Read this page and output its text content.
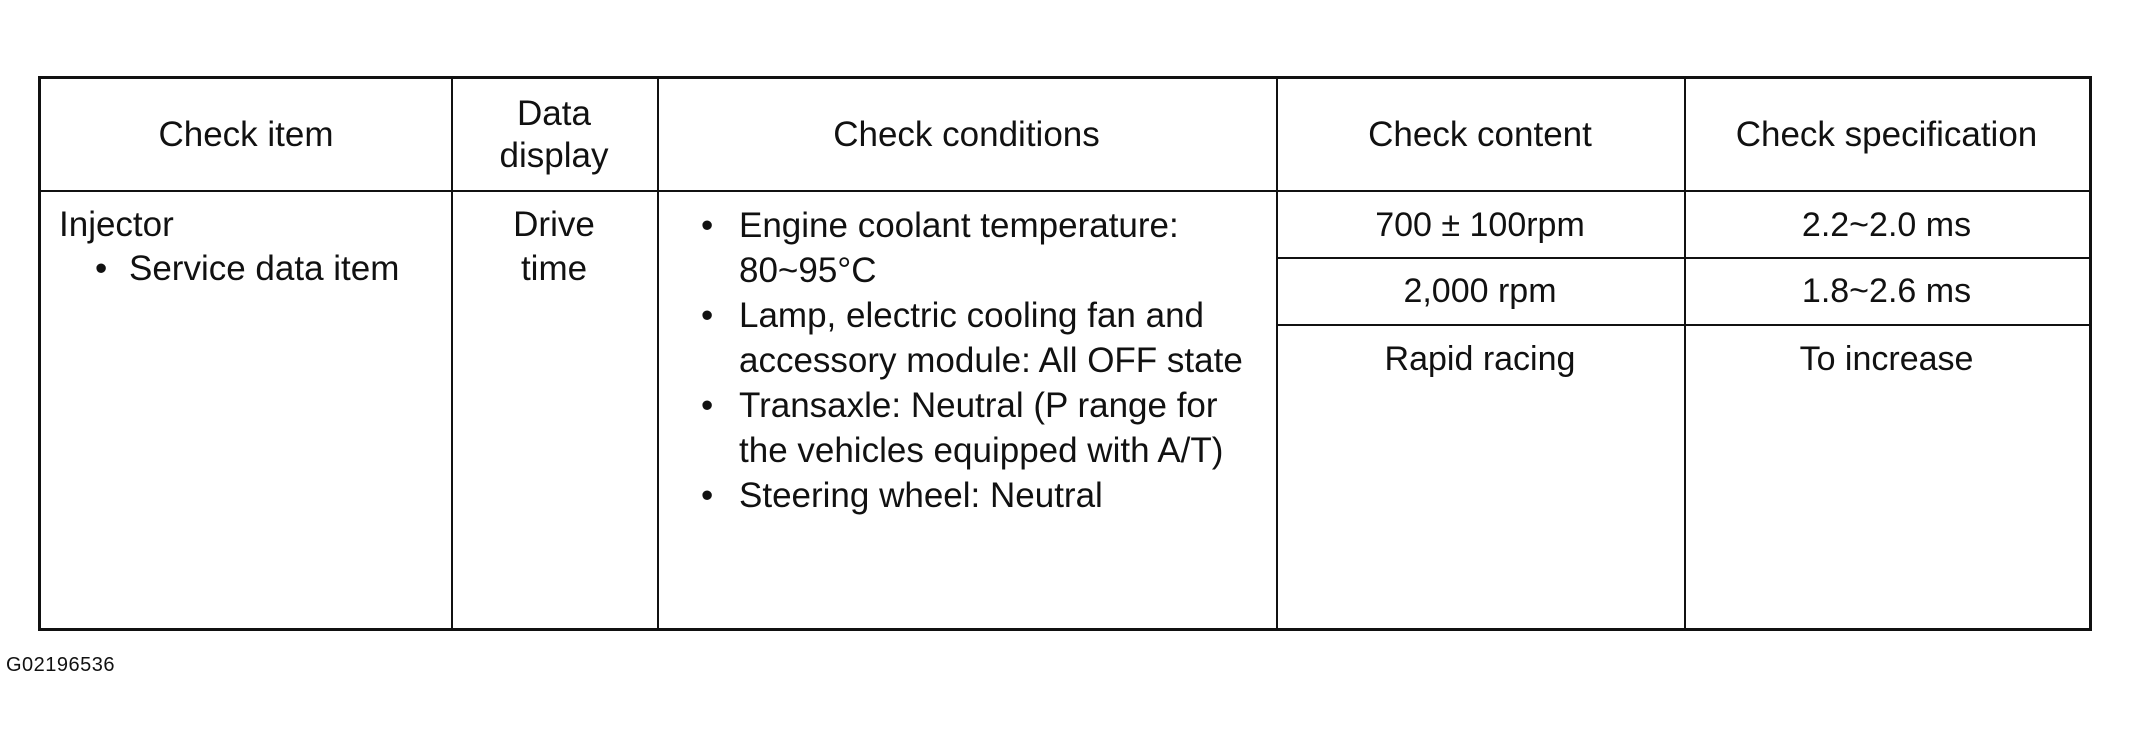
Check item
Data
display
Check conditions	Check content	Check specification
Injector
• Service data item
Drive
time
• Engine coolant temperature: 80~95°C
• Lamp, electric cooling fan and accessory module: All OFF state
• Transaxle: Neutral (P range for the vehicles equipped with A/T)
• Steering wheel: Neutral
700 ± 100rpm
2,000 rpm
Rapid racing
2.2~2.0 ms
1.8~2.6 ms
To increase
G02196536
